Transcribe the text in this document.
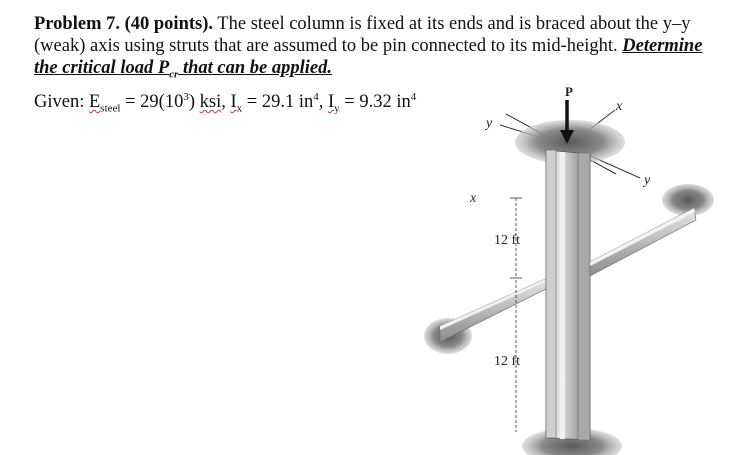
Problem 7. (40 points). The steel column is fixed at its ends and is braced about the y–y (weak) axis using struts that are assumed to be pin connected to its mid-height. Determine
the critical load $P_{cr}$ that can be applied.

Given: $E_{steel} = 29(10^3)$ ksi, $I_x = 29.1$ $in^4$, $I_y = 9.32$ $in^4$	P
x
y
y
x
12 ft
12 ft
